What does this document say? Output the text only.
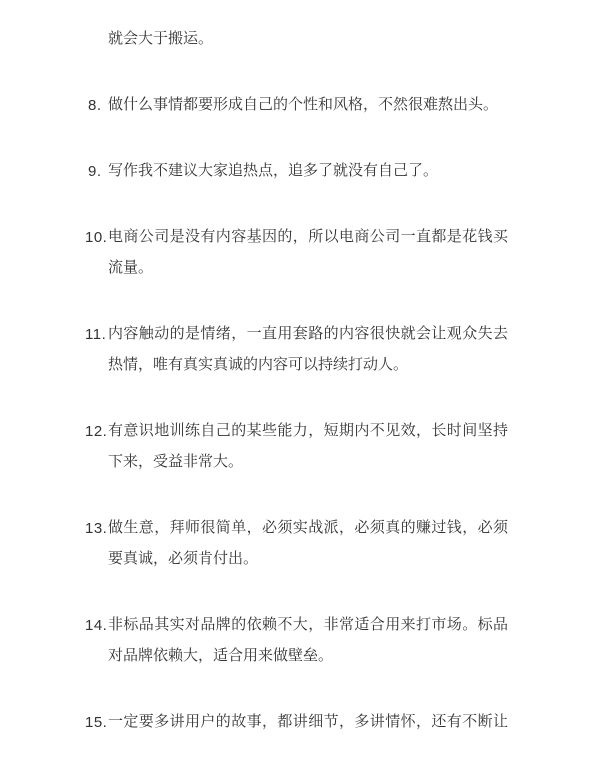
就会大于搬运。
8. 做什么事情都要形成自己的个性和风格，不然很难熬出头。
9. 写作我不建议大家追热点，追多了就没有自己了。
10. 电商公司是没有内容基因的，所以电商公司一直都是花钱买
流量。
11. 内容触动的是情绪，一直用套路的内容很快就会让观众失去
热情，唯有真实真诚的内容可以持续打动人。
12. 有意识地训练自己的某些能力，短期内不见效，长时间坚持
下来，受益非常大。
13. 做生意，拜师很简单，必须实战派，必须真的赚过钱，必须
要真诚，必须肯付出。
14. 非标品其实对品牌的依赖不大，非常适合用来打市场。标品
对品牌依赖大，适合用来做壁垒。
15. 一定要多讲用户的故事，都讲细节，多讲情怀，还有不断让
